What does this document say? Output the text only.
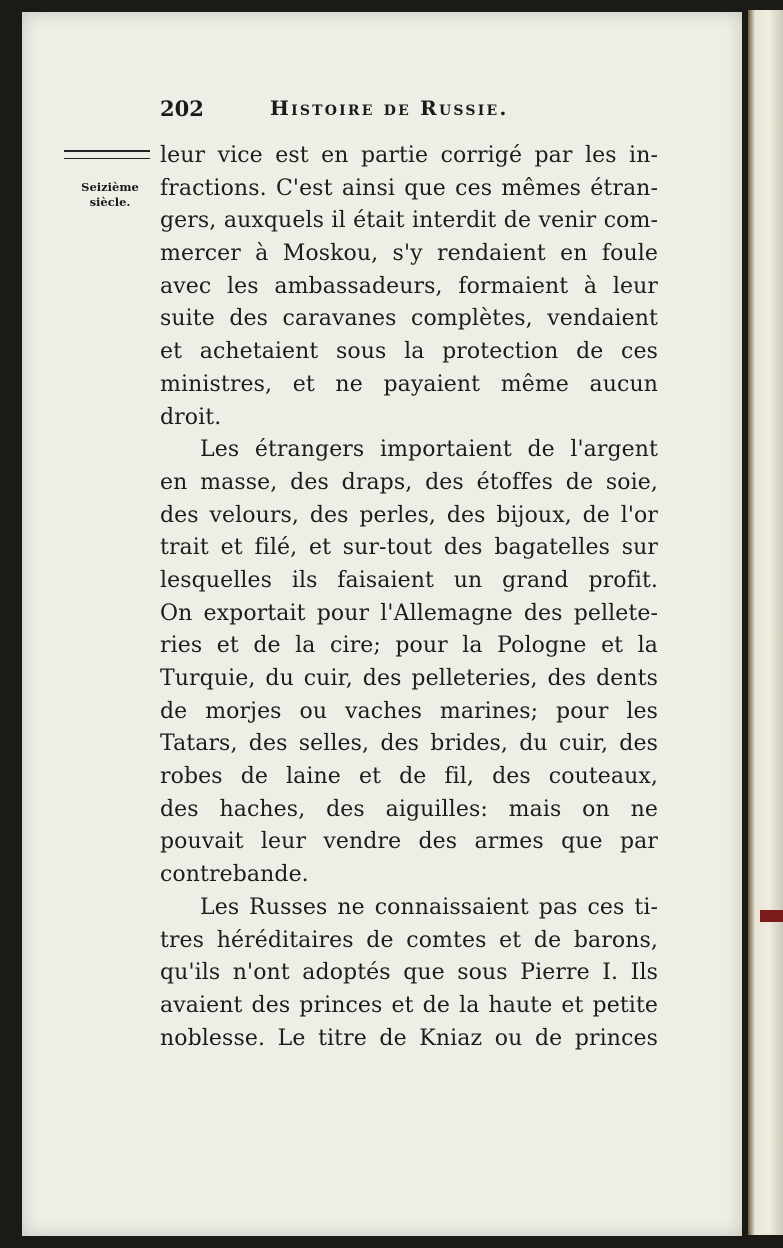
202	Histoire de Russie.
Seizième
siècle.
leur vice est en partie corrigé par les in-
fractions. C'est ainsi que ces mêmes étran-
gers, auxquels il était interdit de venir com-
mercer à Moskou, s'y rendaient en foule
avec les ambassadeurs, formaient à leur
suite des caravanes complètes, vendaient
et achetaient sous la protection de ces
ministres, et ne payaient même aucun
droit.
Les étrangers importaient de l'argent
en masse, des draps, des étoffes de soie,
des velours, des perles, des bijoux, de l'or
trait et filé, et sur-tout des bagatelles sur
lesquelles ils faisaient un grand profit.
On exportait pour l'Allemagne des pellete-
ries et de la cire; pour la Pologne et la
Turquie, du cuir, des pelleteries, des dents
de morjes ou vaches marines; pour les
Tatars, des selles, des brides, du cuir, des
robes de laine et de fil, des couteaux,
des haches, des aiguilles: mais on ne
pouvait leur vendre des armes que par
contrebande.
Les Russes ne connaissaient pas ces ti-
tres héréditaires de comtes et de barons,
qu'ils n'ont adoptés que sous Pierre I. Ils
avaient des princes et de la haute et petite
noblesse. Le titre de Kniaz ou de princes
